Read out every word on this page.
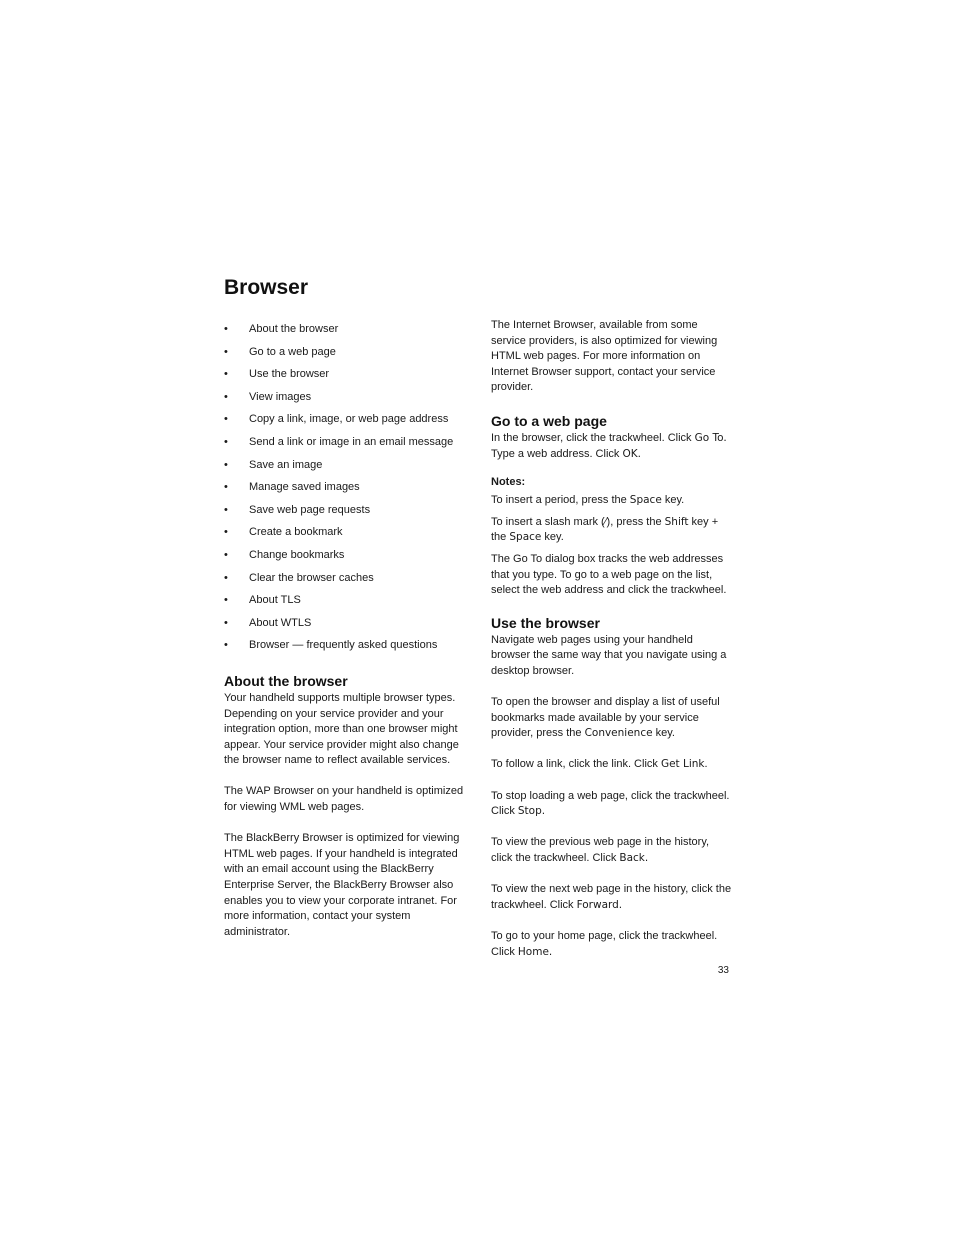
Browser
• About the browser
• Go to a web page
• Use the browser
• View images
• Copy a link, image, or web page address
• Send a link or image in an email message
• Save an image
• Manage saved images
• Save web page requests
• Create a bookmark
• Change bookmarks
• Clear the browser caches
• About TLS
• About WTLS
• Browser — frequently asked questions
About the browser

Your handheld supports multiple browser types. Depending on your service provider and your integration option, more than one browser might appear. Your service provider might also change the browser name to reflect available services.

The WAP Browser on your handheld is optimized for viewing WML web pages.

The BlackBerry Browser is optimized for viewing HTML web pages. If your handheld is integrated with an email account using the BlackBerry Enterprise Server, the BlackBerry Browser also enables you to view your corporate intranet. For more information, contact your system administrator.

The Internet Browser, available from some service providers, is also optimized for viewing HTML web pages. For more information on Internet Browser support, contact your service provider.

Go to a web page

In the browser, click the trackwheel. Click Go To. Type a web address. Click OK.

Notes:

To insert a period, press the Space key.

To insert a slash mark (∕), press the Shift key + the Space key.

The Go To dialog box tracks the web addresses that you type. To go to a web page on the list, select the web address and click the trackwheel.

Use the browser

Navigate web pages using your handheld browser the same way that you navigate using a desktop browser.

To open the browser and display a list of useful bookmarks made available by your service provider, press the Convenience key.

To follow a link, click the link. Click Get Link.

To stop loading a web page, click the trackwheel. Click Stop.

To view the previous web page in the history, click the trackwheel. Click Back.

To view the next web page in the history, click the trackwheel. Click Forward.

To go to your home page, click the trackwheel. Click Home.

33
